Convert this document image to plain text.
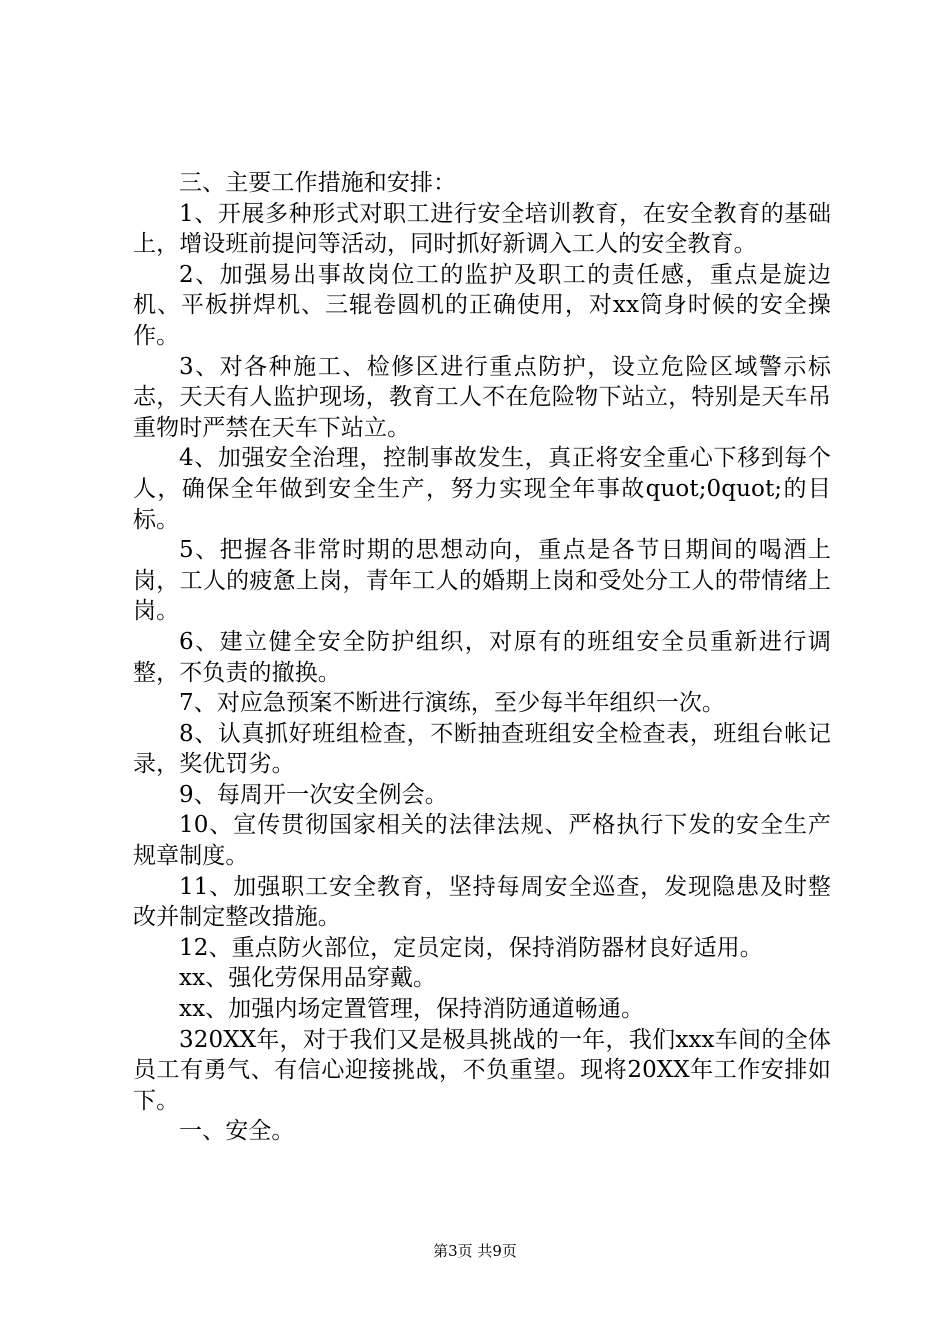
三、主要工作措施和安排：

1、开展多种形式对职工进行安全培训教育，在安全教育的基础上，增设班前提问等活动，同时抓好新调入工人的安全教育。

2、加强易出事故岗位工的监护及职工的责任感，重点是旋边机、平板拼焊机、三辊卷圆机的正确使用，对xx筒身时候的安全操作。

3、对各种施工、检修区进行重点防护，设立危险区域警示标志，天天有人监护现场，教育工人不在危险物下站立，特别是天车吊重物时严禁在天车下站立。

4、加强安全治理，控制事故发生，真正将安全重心下移到每个人，确保全年做到安全生产，努力实现全年事故quot;0quot;的目标。

5、把握各非常时期的思想动向，重点是各节日期间的喝酒上岗，工人的疲惫上岗，青年工人的婚期上岗和受处分工人的带情绪上岗。

6、建立健全安全防护组织，对原有的班组安全员重新进行调整，不负责的撤换。

7、对应急预案不断进行演练，至少每半年组织一次。

8、认真抓好班组检查，不断抽查班组安全检查表，班组台帐记录，奖优罚劣。

9、每周开一次安全例会。

10、宣传贯彻国家相关的法律法规、严格执行下发的安全生产规章制度。

11、加强职工安全教育，坚持每周安全巡查，发现隐患及时整改并制定整改措施。

12、重点防火部位，定员定岗，保持消防器材良好适用。

xx、强化劳保用品穿戴。

xx、加强内场定置管理，保持消防通道畅通。

320XX年，对于我们又是极具挑战的一年，我们xxx车间的全体员工有勇气、有信心迎接挑战，不负重望。现将20XX年工作安排如下。

一、安全。

第3页 共9页
